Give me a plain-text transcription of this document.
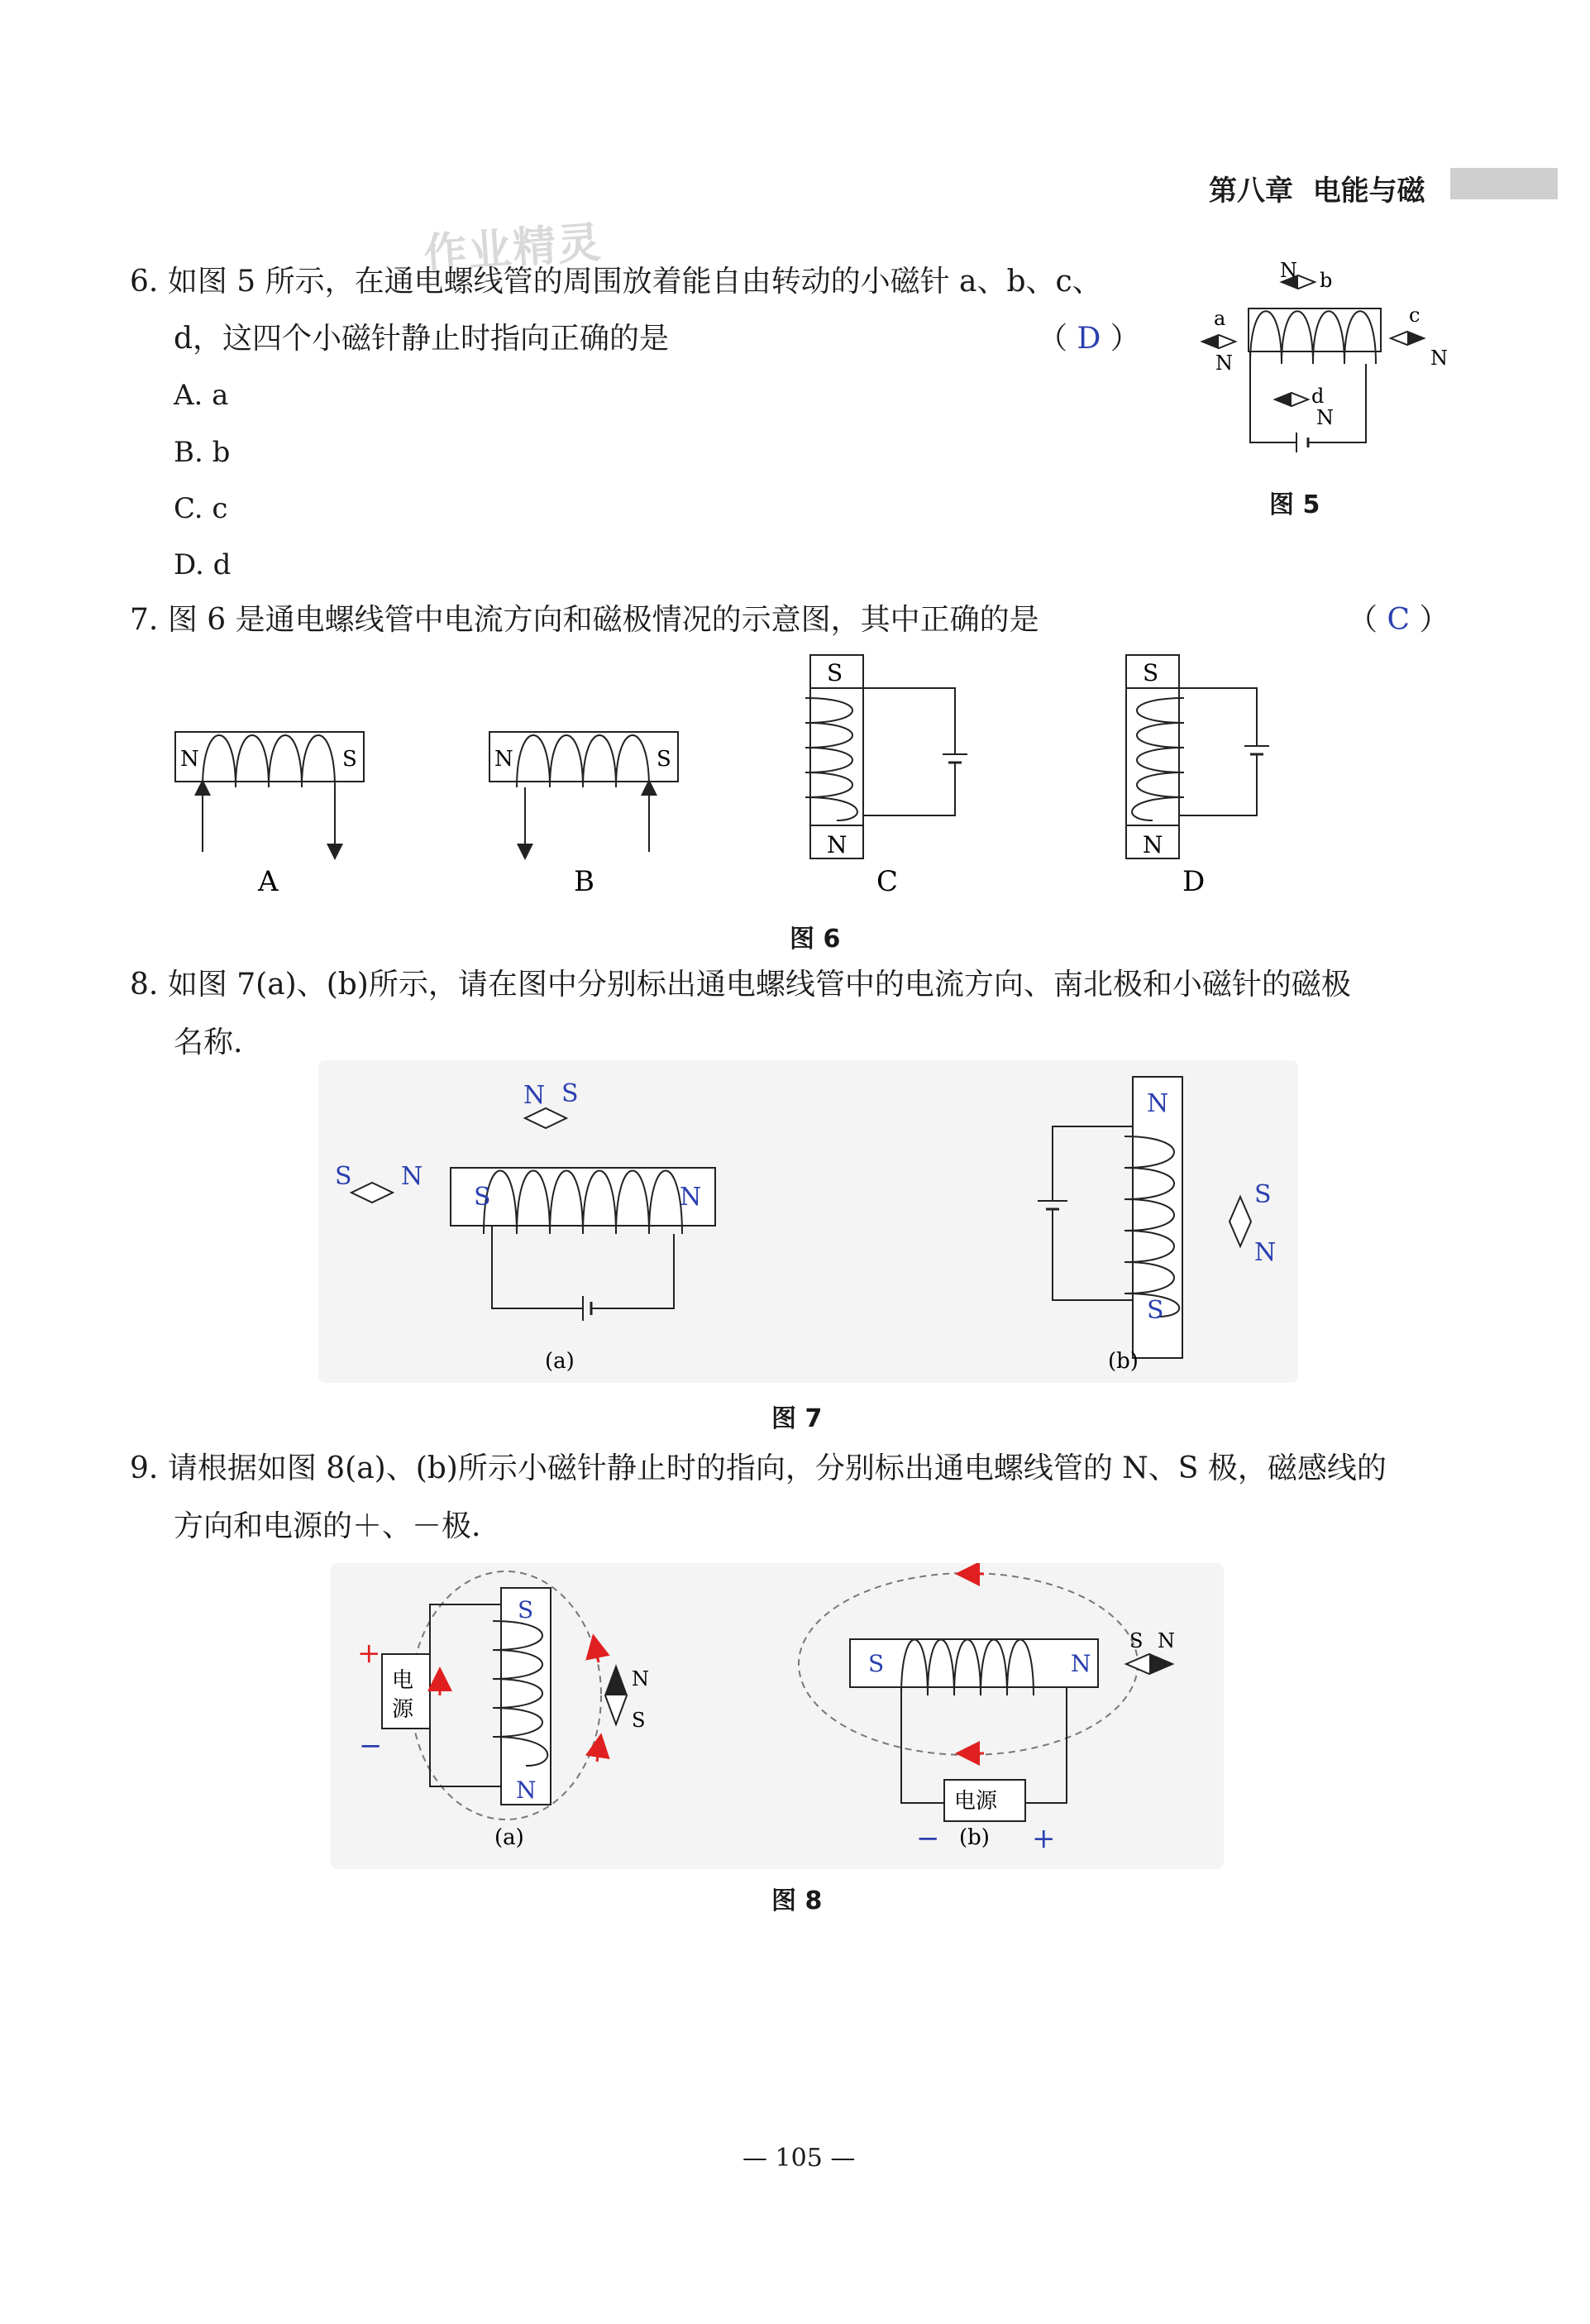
第八章 电能与磁
作业精灵
6. 如图 5 所示，在通电螺线管的周围放着能自由转动的小磁针 a、b、c、
d，这四个小磁针静止时指向正确的是	（ D ）
A. a
B. b
C. c
D. d
N b
a
N
c
N
d
N
图 5
7. 图 6 是通电螺线管中电流方向和磁极情况的示意图，其中正确的是	（ C ）
N	S
A
N	S
B
S
N
C
S
N
D
图 6
8. 如图 7(a)、(b)所示，请在图中分别标出通电螺线管中的电流方向、南北极和小磁针的磁极
名称.
N S
S N
S	N
(a)
N
S
S
N
(b)
图 7
9. 请根据如图 8(a)、(b)所示小磁针静止时的指向，分别标出通电螺线管的 N、S 极，磁感线的
方向和电源的＋、－极.
S
N
N
S
电
源
+
−
(a)
S	N
S N
电源
−	+
(b)
图 8
— 105 —
